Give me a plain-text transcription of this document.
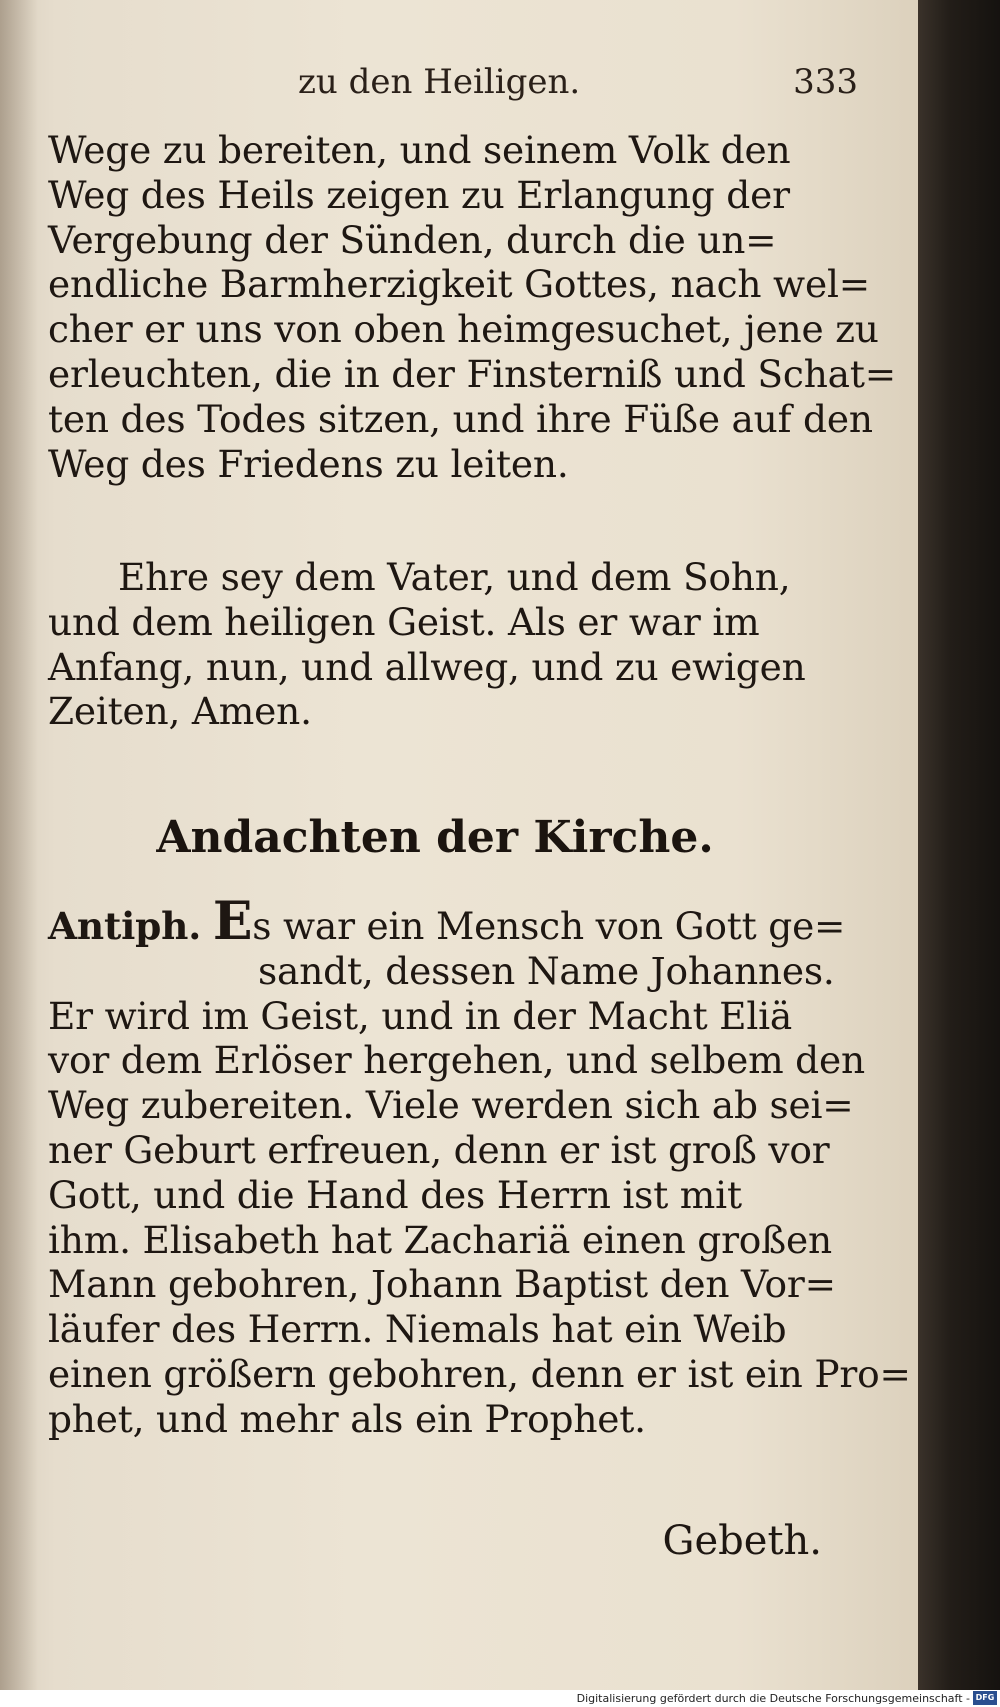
zu den Heiligen.	333
Wege zu bereiten, und seinem Volk den
Weg des Heils zeigen zu Erlangung der
Vergebung der Sünden, durch die un=
endliche Barmherzigkeit Gottes, nach wel=
cher er uns von oben heimgesuchet, jene zu
erleuchten, die in der Finsterniß und Schat=
ten des Todes sitzen, und ihre Füße auf den
Weg des Friedens zu leiten.
Ehre sey dem Vater, und dem Sohn,
und dem heiligen Geist. Als er war im
Anfang, nun, und allweg, und zu ewigen
Zeiten, Amen.
Andachten der Kirche.
Antiph. Es war ein Mensch von Gott ge=
sandt, dessen Name Johannes.
Er wird im Geist, und in der Macht Eliä
vor dem Erlöser hergehen, und selbem den
Weg zubereiten. Viele werden sich ab sei=
ner Geburt erfreuen, denn er ist groß vor
Gott, und die Hand des Herrn ist mit
ihm. Elisabeth hat Zachariä einen großen
Mann gebohren, Johann Baptist den Vor=
läufer des Herrn. Niemals hat ein Weib
einen größern gebohren, denn er ist ein Pro=
phet, und mehr als ein Prophet.
Gebeth.
Digitalisierung gefördert durch die Deutsche Forschungsgemeinschaft - DFG
